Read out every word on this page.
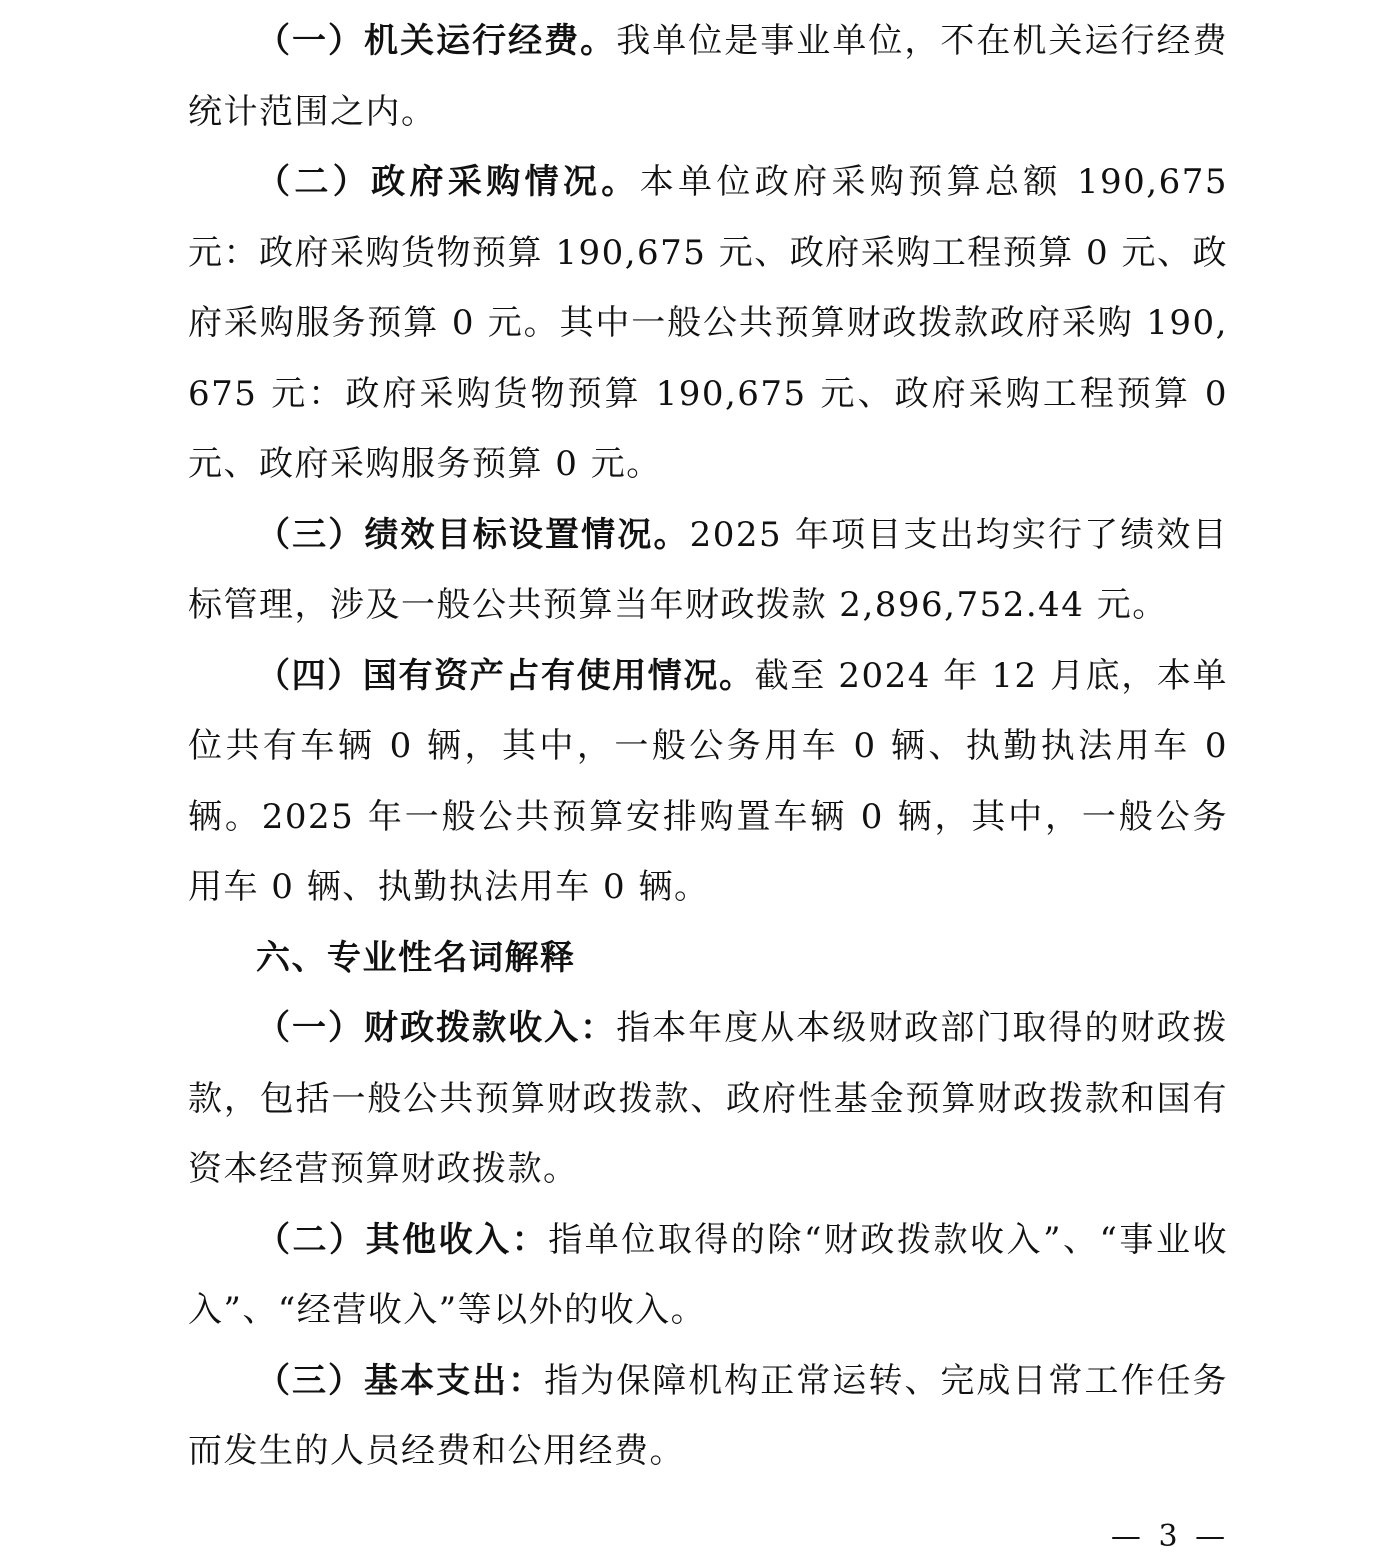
（一）机关运行经费。我单位是事业单位，不在机关运行经费统计范围之内。

（二）政府采购情况。本单位政府采购预算总额 190,675 元：政府采购货物预算 190,675 元、政府采购工程预算 0 元、政府采购服务预算 0 元。其中一般公共预算财政拨款政府采购 190,675 元：政府采购货物预算 190,675 元、政府采购工程预算 0 元、政府采购服务预算 0 元。

（三）绩效目标设置情况。2025 年项目支出均实行了绩效目标管理，涉及一般公共预算当年财政拨款 2,896,752.44 元。

（四）国有资产占有使用情况。截至 2024 年 12 月底，本单位共有车辆 0 辆，其中，一般公务用车 0 辆、执勤执法用车 0 辆。2025 年一般公共预算安排购置车辆 0 辆，其中，一般公务用车 0 辆、执勤执法用车 0 辆。

六、专业性名词解释

（一）财政拨款收入：指本年度从本级财政部门取得的财政拨款，包括一般公共预算财政拨款、政府性基金预算财政拨款和国有资本经营预算财政拨款。

（二）其他收入：指单位取得的除“财政拨款收入”、“事业收入”、“经营收入”等以外的收入。

（三）基本支出：指为保障机构正常运转、完成日常工作任务而发生的人员经费和公用经费。

— 3 —
